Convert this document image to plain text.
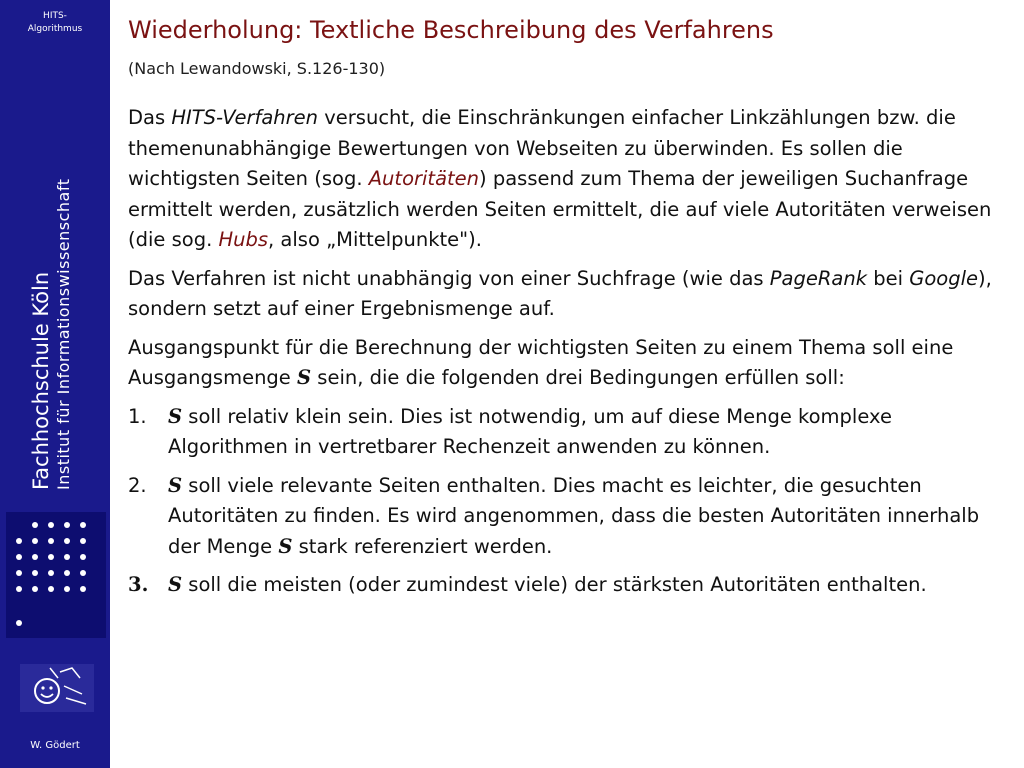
HITS-
Algorithmus
Fachhochschule Köln Institut für Informationswissenschaft
W. Gödert
Wiederholung: Textliche Beschreibung des Verfahrens
(Nach Lewandowski, S.126-130)

Das HITS-Verfahren versucht, die Einschränkungen einfacher Linkzählungen bzw. die themenunabhängige Bewertungen von Webseiten zu überwinden. Es sollen die wichtigsten Seiten (sog. Autoritäten) passend zum Thema der jeweiligen Suchanfrage ermittelt werden, zusätzlich werden Seiten ermittelt, die auf viele Autoritäten verweisen (die sog. Hubs, also „Mittelpunkte").

Das Verfahren ist nicht unabhängig von einer Suchfrage (wie das PageRank bei Google), sondern setzt auf einer Ergebnismenge auf.

Ausgangspunkt für die Berechnung der wichtigsten Seiten zu einem Thema soll eine Ausgangsmenge S sein, die die folgenden drei Bedingungen erfüllen soll:

1. S soll relativ klein sein. Dies ist notwendig, um auf diese Menge komplexe Algorithmen in vertretbarer Rechenzeit anwenden zu können.
2. S soll viele relevante Seiten enthalten. Dies macht es leichter, die gesuchten Autoritäten zu finden. Es wird angenommen, dass die besten Autoritäten innerhalb der Menge S stark referenziert werden.
3. S soll die meisten (oder zumindest viele) der stärksten Autoritäten enthalten.
